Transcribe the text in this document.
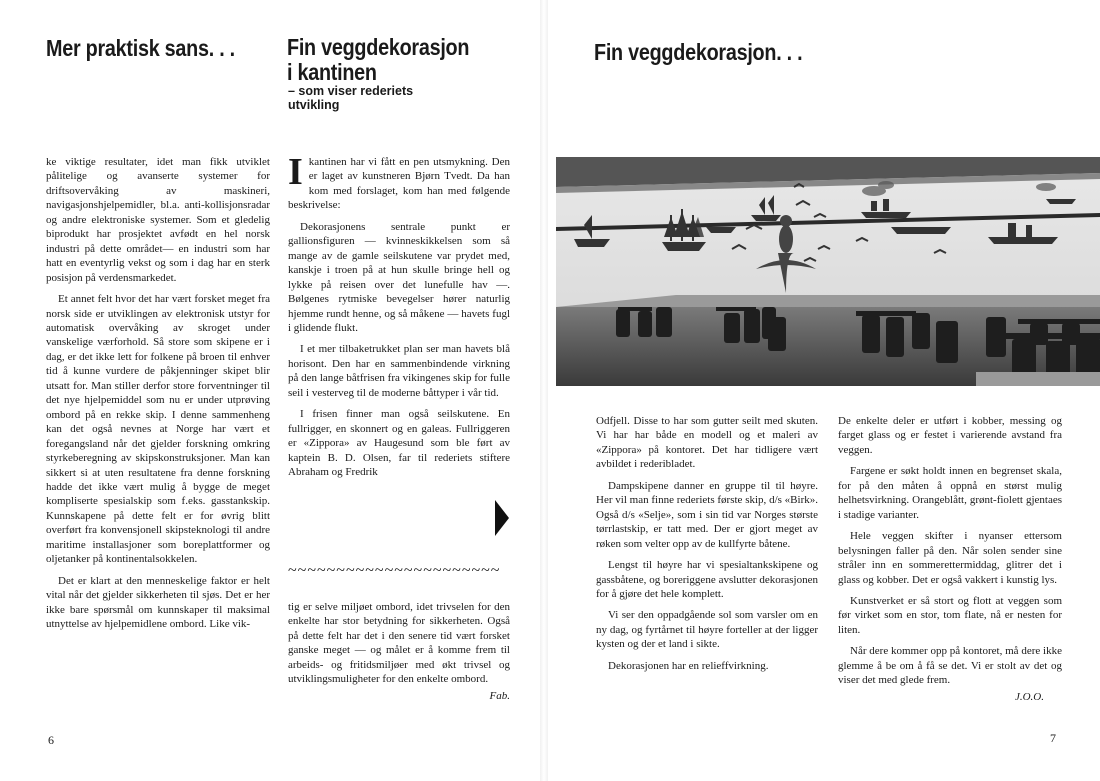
Mer praktisk sans. . . Fin veggdekorasjon
i kantinen
– som viser rederiets
utvikling

ke viktige resultater, idet man fikk utviklet pålitelige og avanserte systemer for driftsovervåking av maskineri, navigasjonshjelpemidler, bl.a. anti-kollisjonsradar og andre elektroniske systemer. Som et gledelig biprodukt har prosjektet avfødt en hel norsk industri på dette området— en industri som har hatt en eventyrlig vekst og som i dag har en sterk posisjon på verdensmarkedet.

Et annet felt hvor det har vært forsket meget fra norsk side er utviklingen av elektronisk utstyr for automatisk overvåking av skroget under vanskelige værforhold. Så store som skipene er i dag, er det ikke lett for folkene på broen til enhver tid å kunne vurdere de påkjenninger skipet blir utsatt for. Man stiller derfor store forventninger til det nye hjelpemiddel som nu er under utprøving ombord på en rekke skip. I denne sammenheng kan det også nevnes at Norge har vært et foregangsland når det gjelder forskning omkring styrkeberegning av skipskonstruksjoner. Man kan sikkert si at uten resultatene fra denne forskning hadde det ikke vært mulig å bygge de meget kompliserte spesialskip som f.eks. gasstankskip. Kunnskapene på dette felt er for øvrig blitt overført fra konvensjonell skipsteknologi til andre maritime installasjoner som boreplattformer og oljetanker på kontinentalsokkelen.

Det er klart at den menneskelige faktor er helt vital når det gjelder sikkerheten til sjøs. Det er her ikke bare spørsmål om kunnskaper til maksimal utnyttelse av hjelpemidlene ombord. Like vik-

Ikantinen har vi fått en pen utsmykning. Den er laget av kunstneren Bjørn Tvedt. Da han kom med forslaget, kom han med følgende beskrivelse:

Dekorasjonens sentrale punkt er gallionsfiguren — kvinneskikkelsen som så mange av de gamle seilskutene var prydet med, kanskje i troen på at hun skulle bringe hell og lykke på reisen over det lunefulle hav —. Bølgenes rytmiske bevegelser hører naturlig hjemme rundt henne, og så måkene — havets fugl i glidende flukt.

I et mer tilbaketrukket plan ser man havets blå horisont. Den har en sammenbindende virkning på den lange båtfrisen fra vikingenes skip for fulle seil i vesterveg til de moderne båttyper i vår tid.

I frisen finner man også seilskutene. En fullrigger, en skonnert og en galeas. Fullriggeren er «Zippora» av Haugesund som ble ført av kaptein B. D. Olsen, far til rederiets stiftere Abraham og Fredrik

~~~~~~~~~~~~~~~~~~~~~~

tig er selve miljøet ombord, idet trivselen for den enkelte har stor betydning for sikkerheten. Også på dette felt har det i den senere tid vært forsket ganske meget — og målet er å komme frem til arbeids- og fritidsmiljøer med økt trivsel og utviklingsmuligheter for den enkelte ombord.

Fab.
6
Fin veggdekorasjon. . .

Odfjell. Disse to har som gutter seilt med skuten. Vi har har både en modell og et maleri av «Zippora» på kontoret. Det har tidligere vært avbildet i rederibladet.

Dampskipene danner en gruppe til til høyre. Her vil man finne rederiets første skip, d/s «Birk». Også d/s «Selje», som i sin tid var Norges største tørrlastskip, er tatt med. Der er gjort meget av røken som velter opp av de kullfyrte båtene.

Lengst til høyre har vi spesialtankskipene og gassbåtene, og boreriggene avslutter dekorasjonen for å gjøre det hele komplett.

Vi ser den oppadgående sol som varsler om en ny dag, og fyrtårnet til høyre forteller at der ligger kysten og der et land i sikte.

Dekorasjonen har en relieffvirkning.

De enkelte deler er utført i kobber, messing og farget glass og er festet i varierende avstand fra veggen.

Fargene er søkt holdt innen en begrenset skala, for på den måten å oppnå en størst mulig helhetsvirkning. Orangeblått, grønt-fiolett gjentaes i stadige varianter.

Hele veggen skifter i nyanser ettersom belysningen faller på den. Når solen sender sine stråler inn en sommerettermiddag, glitrer det i glass og kobber. Det er også vakkert i kunstig lys.

Kunstverket er så stort og flott at veggen som før virket som en stor, tom flate, nå er nesten for liten.

Når dere kommer opp på kontoret, må dere ikke glemme å be om å få se det. Vi er stolt av det og viser det med glede frem.

J.O.O.
7
